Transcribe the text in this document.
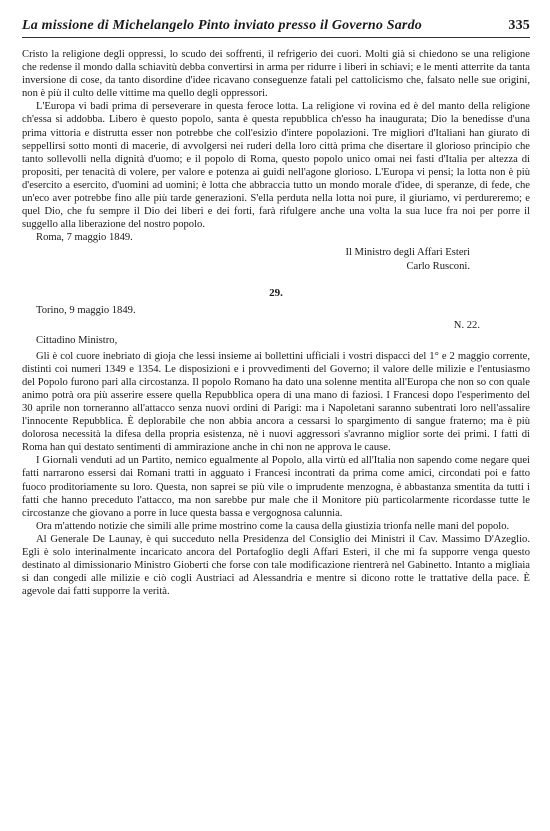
La missione di Michelangelo Pinto inviato presso il Governo Sardo	335

Cristo la religione degli oppressi, lo scudo dei soffrenti, il refrigerio dei cuori. Molti già si chiedono se una religione che redense il mondo dalla schiavitù debba convertirsi in arma per ridurre i liberi in schiavi; e le menti atterrite da tanta inversione di cose, da tanto disordine d'idee ricavano conseguenze fatali pel cattolicismo che, falsato nelle sue origini, non è più il culto delle vittime ma quello degli oppressori.

L'Europa vi badi prima di perseverare in questa feroce lotta. La religione vi rovina ed è del manto della religione ch'essa si addobba. Libero è questo popolo, santa è questa repubblica ch'esso ha inaugurata; Dio la benedisse d'una prima vittoria e distrutta esser non potrebbe che coll'esizio d'intere popolazioni. Tre migliori d'Italiani han giurato di seppellirsi sotto monti di macerie, di avvolgersi nei ruderi della loro città prima che disertare il glorioso principio che tanto sollevolli nella dignità d'uomo; e il popolo di Roma, questo popolo unico omai nei fasti d'Italia per altezza di propositi, per tenacità di volere, per valore e potenza ai guidi nell'agone glorioso. L'Europa vi pensi; la lotta non è più d'esercito a esercito, d'uomini ad uomini; è lotta che abbraccia tutto un mondo morale d'idee, di speranze, di fede, che un'eco aver potrebbe fino alle più tarde generazioni. S'ella perduta nella lotta noi pure, il giuriamo, vi perdureremo; e quel Dio, che fu sempre il Dio dei liberi e dei forti, farà rifulgere anche una volta la sua luce fra noi per porre il suggello alla liberazione del nostro popolo.

Roma, 7 maggio 1849.

Il Ministro degli Affari Esteri

Carlo Rusconi.

29.
Torino, 9 maggio 1849.
N. 22.
Cittadino Ministro,

Gli è col cuore inebriato di gioja che lessi insieme ai bollettini ufficiali i vostri dispacci del 1° e 2 maggio corrente, distinti coi numeri 1349 e 1354. Le disposizioni e i provvedimenti del Governo; il valore delle milizie e l'entusiasmo del Popolo furono pari alla circostanza. Il popolo Romano ha dato una solenne mentita all'Europa che non so con quale animo potrà ora più asserire essere quella Repubblica opera di una mano di faziosi. I Francesi dopo l'esperimento del 30 aprile non torneranno all'attacco senza nuovi ordini di Parigi: ma i Napoletani saranno subentrati loro nell'assalire l'innocente Repubblica. È deplorabile che non abbia ancora a cessarsi lo spargimento di sangue fraterno; ma è più dolorosa necessità la difesa della propria esistenza, nè i nuovi aggressori s'avranno miglior sorte dei primi. I fatti di Roma han qui destato sentimenti di ammirazione anche in chi non ne approva le cause.

I Giornali venduti ad un Partito, nemico egualmente al Popolo, alla virtù ed all'Italia non sapendo come negare quei fatti narrarono essersi dai Romani tratti in agguato i Francesi incontrati da prima come amici, circondati poi e fatto fuoco proditoriamente su loro. Questa, non saprei se più vile o imprudente menzogna, è abbastanza smentita da tutti i fatti che hanno preceduto l'attacco, ma non sarebbe pur male che il Monitore più particolarmente ricordasse tutte le circostanze che giovano a porre in luce questa bassa e vergognosa calunnia.

Ora m'attendo notizie che simili alle prime mostrino come la causa della giustizia trionfa nelle mani del popolo.

Al Generale De Launay, è qui succeduto nella Presidenza del Consiglio dei Ministri il Cav. Massimo D'Azeglio. Egli è solo interinalmente incaricato ancora del Portafoglio degli Affari Esteri, il che mi fa supporre venga questo destinato al dimissionario Ministro Gioberti che forse con tale modificazione rientrerà nel Gabinetto. Intanto a migliaia si dan congedi alle milizie e ciò cogli Austriaci ad Alessandria e mentre si dicono rotte le trattative della pace. È agevole dai fatti supporre la verità.
